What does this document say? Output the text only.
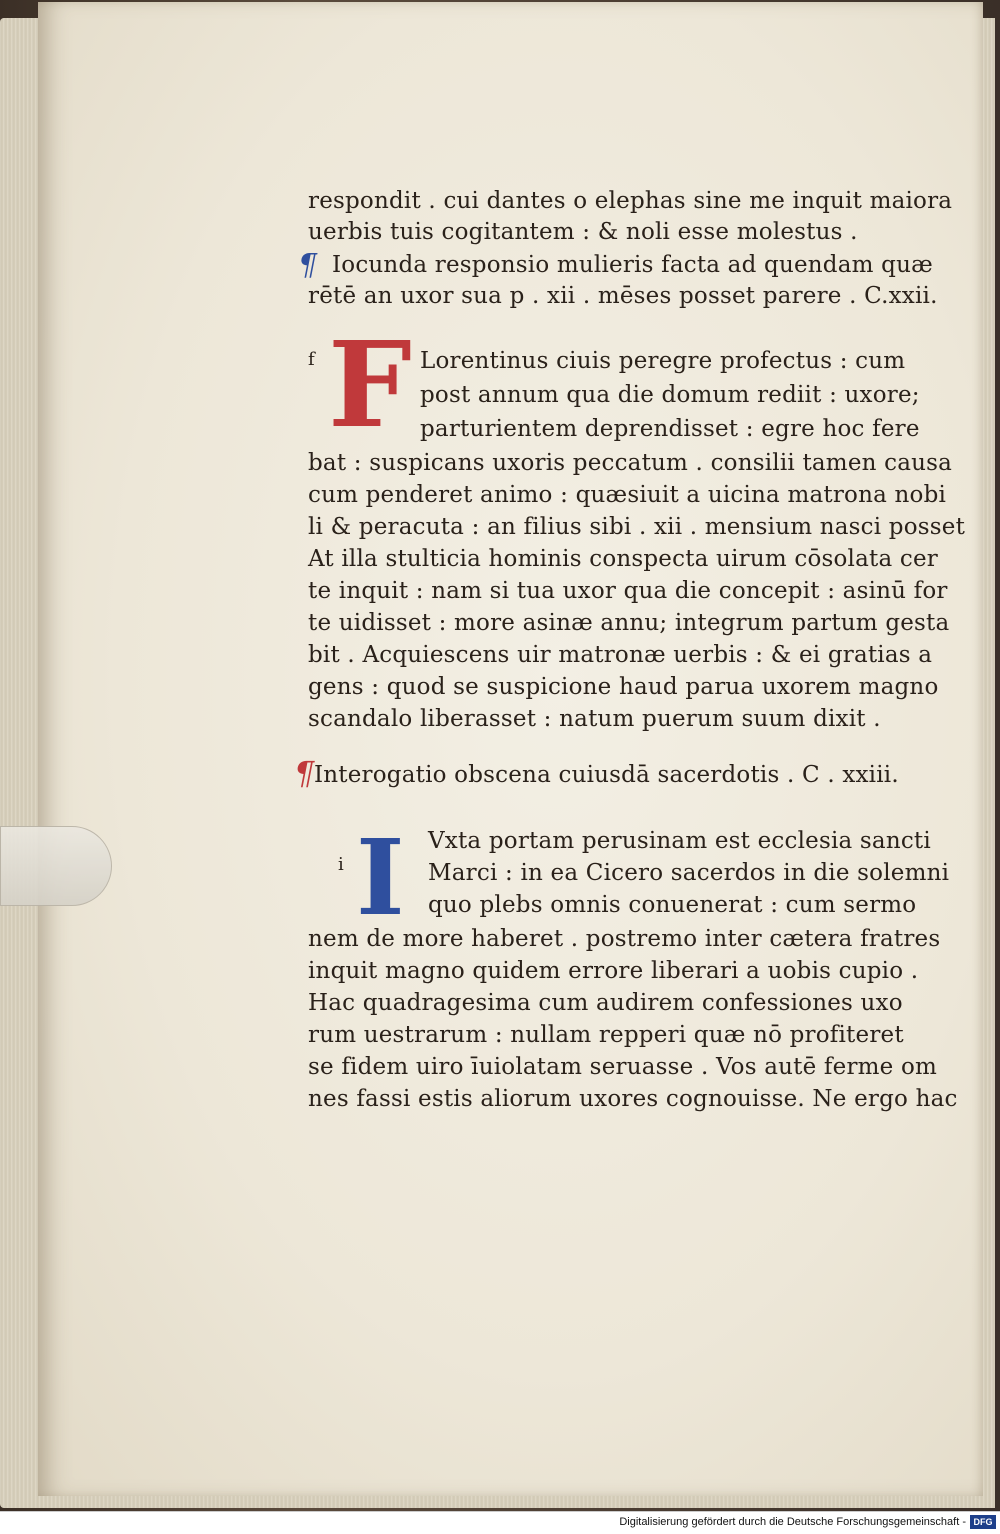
respondit . cui dantes o elephas sine me inquit maiora
uerbis tuis cogitantem : & noli esse molestus .
¶ Iocunda responsio mulieris facta ad quendam quæ
rētē an uxor sua p . xii . mēses posset parere . C.xxii.
f F Lorentinus ciuis peregre profectus : cum
post annum qua die domum rediit : uxore;
parturientem deprendisset : egre hoc fere
bat : suspicans uxoris peccatum . consilii tamen causa
cum penderet animo : quæsiuit a uicina matrona nobi
li & peracuta : an filius sibi . xii . mensium nasci posset
At illa stulticia hominis conspecta uirum cōsolata cer
te inquit : nam si tua uxor qua die concepit : asinū for
te uidisset : more asinæ annu; integrum partum gesta
bit . Acquiescens uir matronæ uerbis : & ei gratias a
gens : quod se suspicione haud parua uxorem magno
scandalo liberasset : natum puerum suum dixit .
¶ Interogatio obscena cuiusdā sacerdotis . C . xxiii.
i I Vxta portam perusinam est ecclesia sancti
Marci : in ea Cicero sacerdos in die solemni
quo plebs omnis conuenerat : cum sermo
nem de more haberet . postremo inter cætera fratres
inquit magno quidem errore liberari a uobis cupio .
Hac quadragesima cum audirem confessiones uxo
rum uestrarum : nullam repperi quæ nō profiteret
se fidem uiro īuiolatam seruasse . Vos autē ferme om
nes fassi estis aliorum uxores cognouisse. Ne ergo hac
Digitalisierung gefördert durch die Deutsche Forschungsgemeinschaft - DFG
